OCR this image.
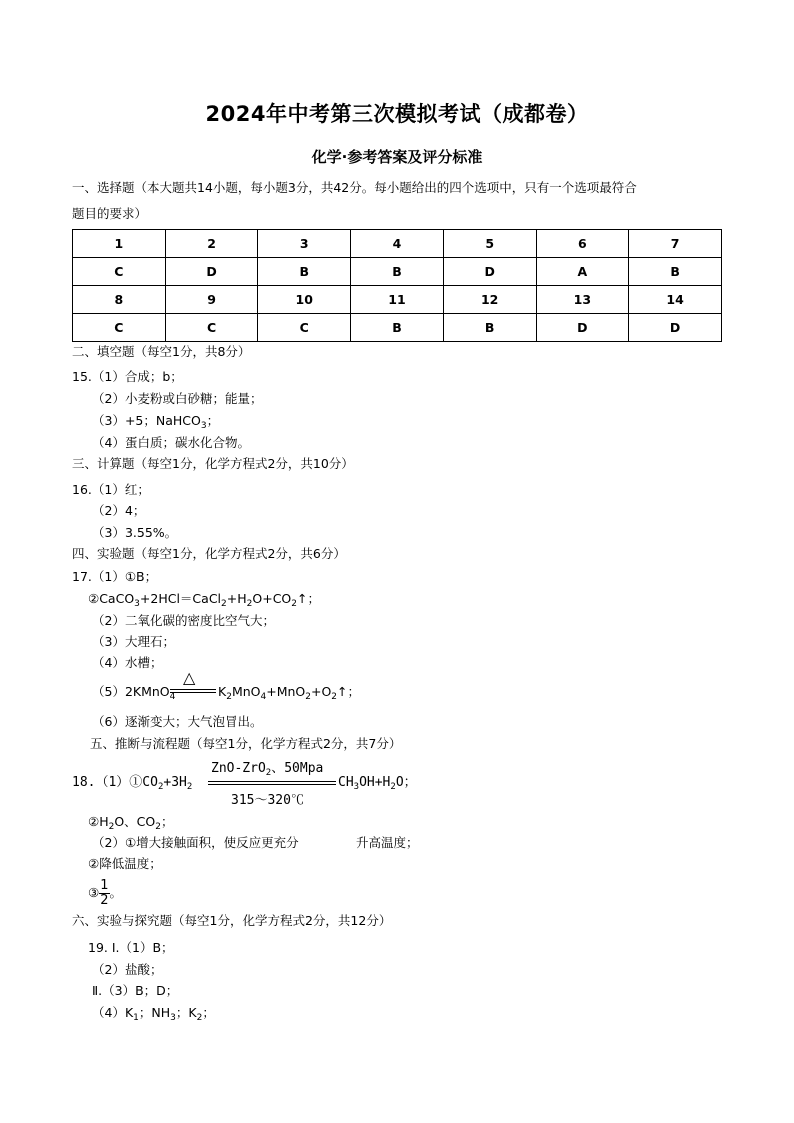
2024年中考第三次模拟考试（成都卷）
化学·参考答案及评分标准
一、选择题（本大题共14小题，每小题3分，共42分。每小题给出的四个选项中，只有一个选项最符合
题目的要求）
1	2	3	4	5	6	7
C	D	B	B	D	A	B
8	9	10	11	12	13	14
C	C	C	B	B	D	D
二、填空题（每空1分，共8分）
15.（1）合成；b；
（2）小麦粉或白砂糖；能量；
（3）+5；NaHCO$_3$；
（4）蛋白质；碳水化合物。
三、计算题（每空1分，化学方程式2分，共10分）
16.（1）红；
（2）4；
（3）3.55%。
四、实验题（每空1分，化学方程式2分，共6分）
17.（1）①B；
$②CaCO_3+2HCl=CaCl_2+H_2O+CO_2↑$；
（2）二氧化碳的密度比空气大；
（3）大理石；
（4）水槽；
（5）2KMnO$_4$
△
$K_2MnO_4+MnO_2+O_2↑$；
（6）逐渐变大；大气泡冒出。
五、推断与流程题（每空1分，化学方程式2分，共7分）
$18.(1)①CO_2+3H_2$
ZnO-ZrO$_2$、50Mpa
315～320℃
$CH_3OH+H_2O$；
$②H_2O$、$CO_2$；
（2）①增大接触面积，使反应更充分	升高温度；
②降低温度；
③ $\frac{1}{2}$ 。
六、实验与探究题（每空1分，化学方程式2分，共12分）
19. Ⅰ.（1）B；
（2）盐酸；
Ⅱ.（3）B；D；
$(4)K_1$；$NH_3$；$K_2$；
